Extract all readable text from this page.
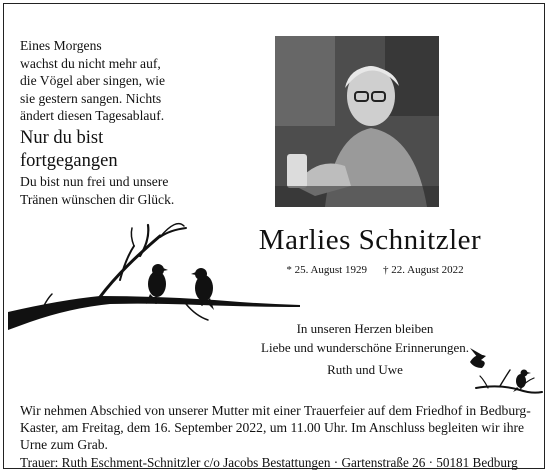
Eines Morgens
wachst du nicht mehr auf,
die Vögel aber singen, wie
sie gestern sangen. Nichts
ändert diesen Tagesablauf.
Nur du bist
fortgegangen
Du bist nun frei und unsere
Tränen wünschen dir Glück.
Marlies Schnitzler
* 25. August 1929 † 22. August 2022
In unseren Herzen bleiben
Liebe und wunderschöne Erinnerungen.
Ruth und Uwe
Wir nehmen Abschied von unserer Mutter mit einer Trauerfeier auf dem Friedhof in Bedburg-Kaster, am Freitag, dem 16. September 2022, um 11.00 Uhr. Im Anschluss begleiten wir ihre Urne zum Grab.
Trauer: Ruth Eschment-Schnitzler c/o Jacobs Bestattungen · Gartenstraße 26 · 50181 Bedburg
